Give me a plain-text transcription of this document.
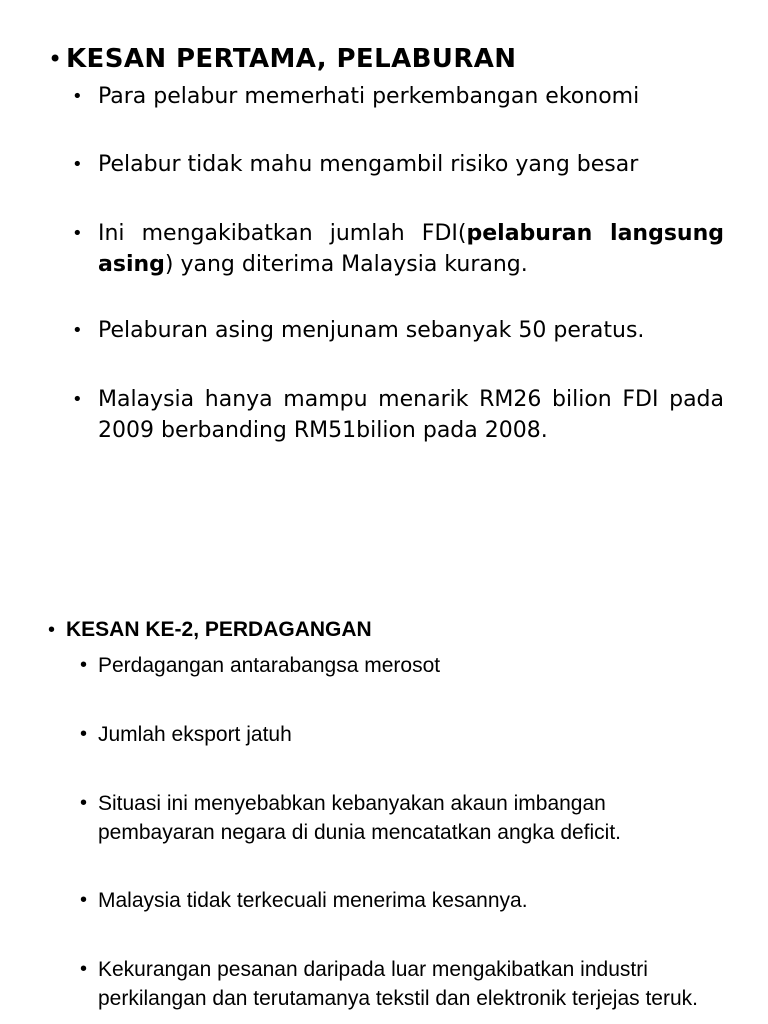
• KESAN PERTAMA, PELABURAN
• Para pelabur memerhati perkembangan ekonomi
• Pelabur tidak mahu mengambil risiko yang besar
• Ini mengakibatkan jumlah FDI(pelaburan langsung asing) yang diterima Malaysia kurang.
• Pelaburan asing menjunam sebanyak 50 peratus.
• Malaysia hanya mampu menarik RM26 bilion FDI pada 2009 berbanding RM51bilion pada 2008.
• KESAN KE-2, PERDAGANGAN
• Perdagangan antarabangsa merosot
• Jumlah eksport jatuh
• Situasi ini menyebabkan kebanyakan akaun imbangan pembayaran negara di dunia mencatatkan angka deficit.
• Malaysia tidak terkecuali menerima kesannya.
• Kekurangan pesanan daripada luar mengakibatkan industri perkilangan dan terutamanya tekstil dan elektronik terjejas teruk.
